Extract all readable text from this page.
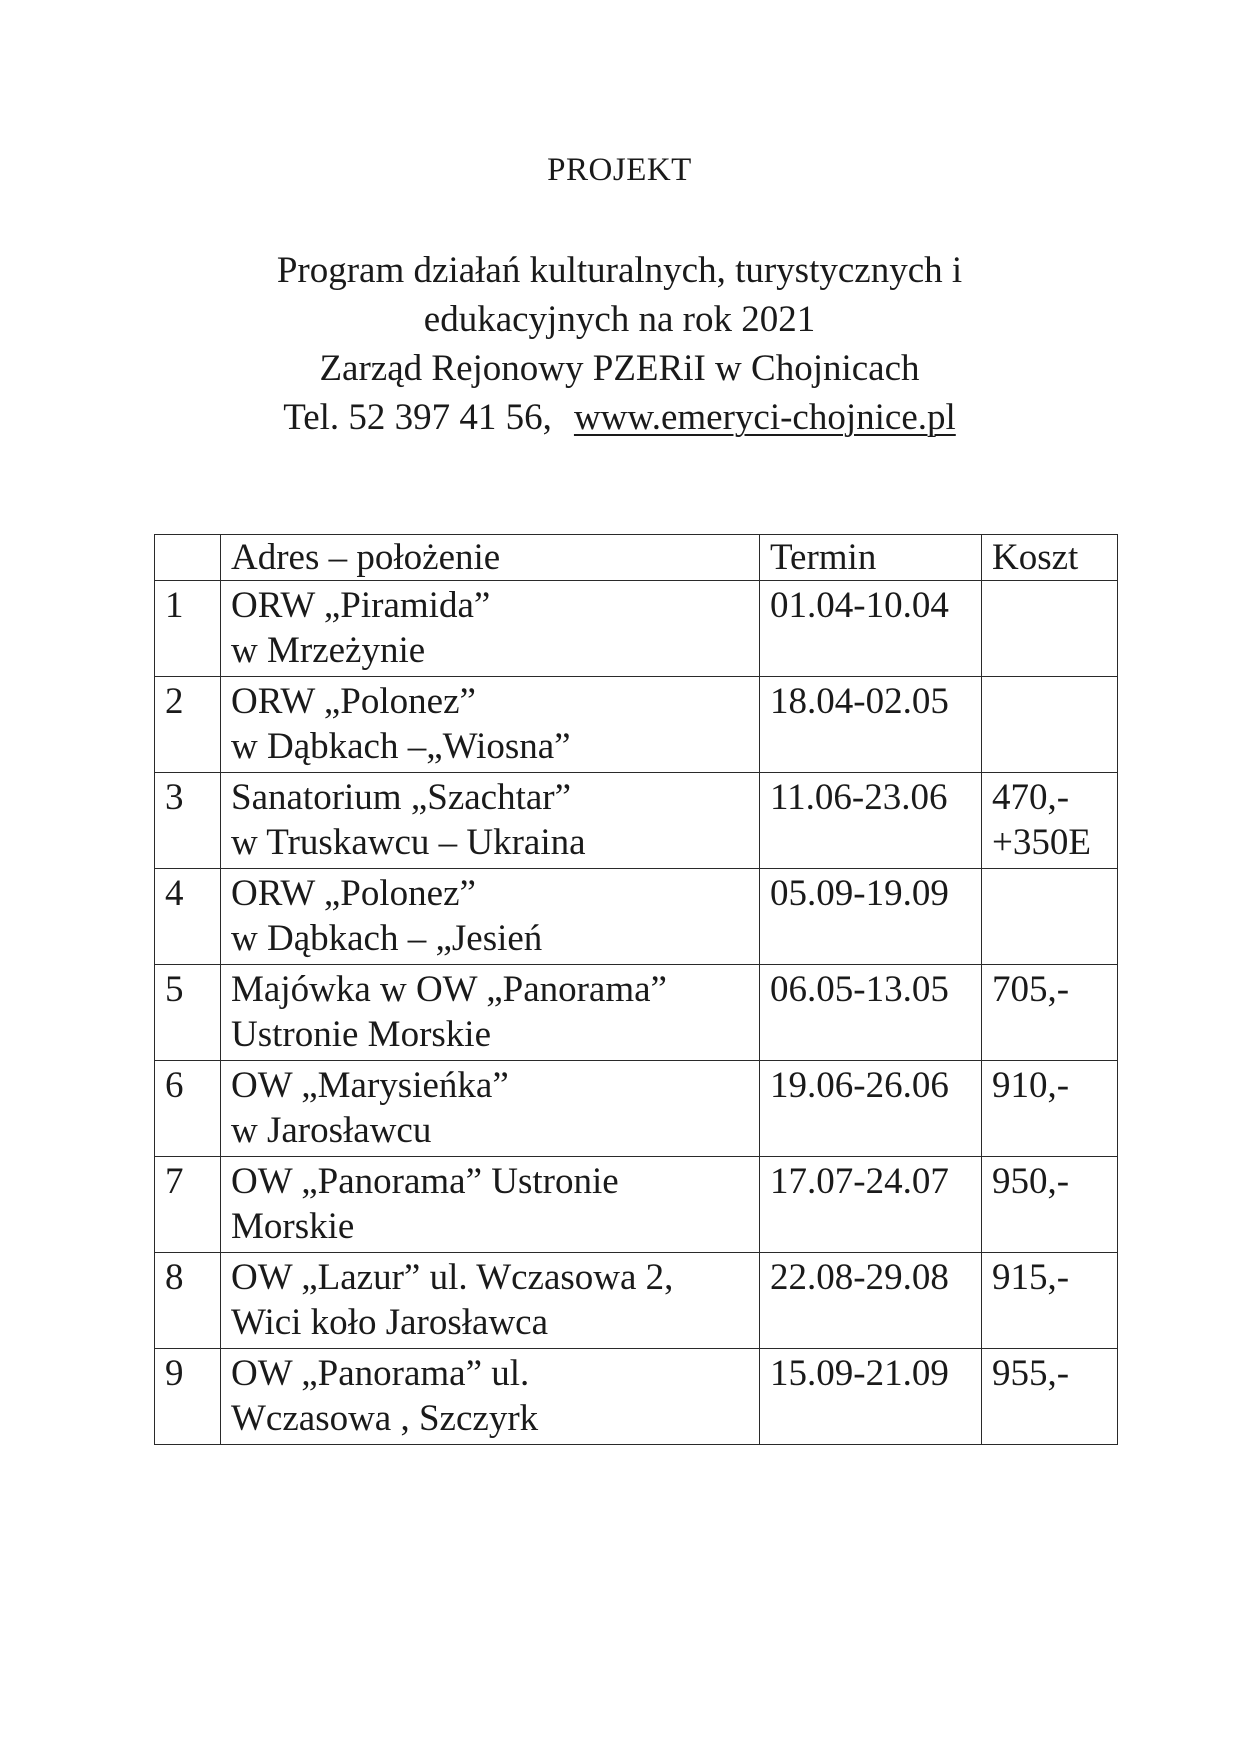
PROJEKT
Program działań kulturalnych, turystycznych i
edukacyjnych na rok 2021
Zarząd Rejonowy PZERiI w Chojnicach
Tel. 52 397 41 56, www.emeryci-chojnice.pl
	Adres – położenie	Termin	Koszt
1	ORW „Piramida”
w Mrzeżynie	01.04-10.04	

2	ORW „Polonez”
w Dąbkach –„Wiosna”	18.04-02.05	

3	Sanatorium „Szachtar”
w Truskawcu – Ukraina	11.06-23.06	470,-
+350E

4	ORW „Polonez”
w Dąbkach – „Jesień	05.09-19.09	

5	Majówka w OW „Panorama”
Ustronie Morskie	06.05-13.05	705,-

6	OW „Marysieńka”
w Jarosławcu	19.06-26.06	910,-

7	OW „Panorama” Ustronie
Morskie	17.07-24.07	950,-

8	OW „Lazur” ul. Wczasowa 2,
Wici koło Jarosławca	22.08-29.08	915,-

9	OW „Panorama” ul.
Wczasowa , Szczyrk	15.09-21.09	955,-
